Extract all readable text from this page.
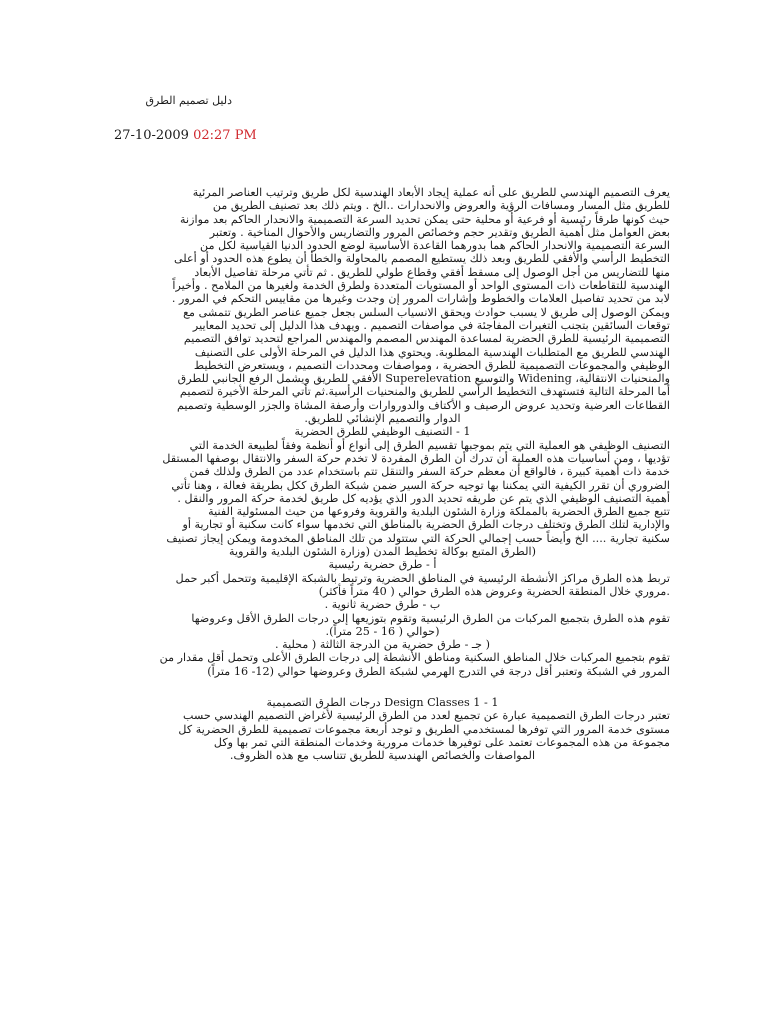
دليل تصميم الطرق
27-10-2009 02:27 PM

يعرف التصميم الهندسي للطريق على أنه عملية إيجاد الأبعاد الهندسية لكل طريق وترتيب العناصر المرئية

للطريق مثل المسار ومسافات الرؤية والعروض والانحدارات ..الخ . ويتم ذلك بعد تصنيف الطريق من

حيث كونها طرقاً رئيسية أو فرعية أو محلية حتى يمكن تحديد السرعة التصميمية والانحدار الحاكم بعد موازنة

بعض العوامل مثل أهمية الطريق وتقدير حجم وخصائص المرور والتضاريس والأحوال المناخية . وتعتبر

السرعة التصميمية والانحدار الحاكم هما بدورهما القاعدة الأساسية لوضع الحدود الدنيا القياسية لكل من

التخطيط الرأسي والأفقي للطريق وبعد ذلك يستطيع المصمم بالمحاولة والخطأ أن يطوع هذه الحدود أو أعلى

منها للتضاريس من أجل الوصول إلى مسقط أفقي وقطاع طولي للطريق . ثم تأتي مرحلة تفاصيل الأبعاد

الهندسية للتقاطعات ذات المستوى الواحد أو المستويات المتعددة ولطرق الخدمة ولغيرها من الملامح . وأخيراً

لابد من تحديد تفاصيل العلامات والخطوط وإشارات المرور إن وجدت وغيرها من مقاييس التحكم في المرور .

ويمكن الوصول إلى طريق لا يسبب حوادث ويحقق الانسياب السلس بجعل جميع عناصر الطريق تتمشى مع

توقعات السائقين بتجنب التغيرات المفاجئة في مواصفات التصميم . ويهدف هذا الدليل إلى تحديد المعايير

التصميمية الرئيسية للطرق الحضرية لمساعدة المهندس المصمم والمهندس المراجع لتحديد توافق التصميم

الهندسي للطريق مع المتطلبات الهندسية المطلوبة. ويحتوي هذا الدليل في المرحلة الأولى على التصنيف

الوظيفي والمجموعات التصميمية للطرق الحضرية ، ومواصفات ومحددات التصميم ، ويستعرض التخطيط

والمنحنيات الانتقالية، Widening والتوسيع Superelevation الأفقي للطريق ويشمل الرفع الجانبي للطرق

أما المرحلة التالية فتستهدف التخطيط الرأسي للطريق والمنحنيات الرأسية.ثم تأتي المرحلة الأخيرة لتصميم

القطاعات العرضية وتحديد عروض الرصيف و الأكتاف والدوروارات وأرصفة المشاة والجزر الوسطية وتصميم

الدوار والتصميم الإنشائي للطريق.

1 - التصنيف الوظيفي للطرق الحضرية

التصنيف الوظيفي هو العملية التي يتم بموجبها تقسيم الطرق إلى أنواع أو أنظمة وفقاً لطبيعة الخدمة التي

تؤديها ، ومن أساسيات هذه العملية أن تدرك أن الطرق المفردة لا تخدم حركة السفر والانتقال بوصفها المستقل

خدمة ذات أهمية كبيرة ، فالواقع أن معظم حركة السفر والتنقل تتم باستخدام عدد من الطرق ولذلك فمن

الضروري أن تقرر الكيفية التي يمكننا بها توجيه حركة السير ضمن شبكة الطرق ككل بطريقة فعالة ، وهنا تأتي

أهمية التصنيف الوظيفي الذي يتم عن طريقه تحديد الدور الذي يؤديه كل طريق لخدمة حركة المرور والنقل .

تتبع جميع الطرق الحضرية بالمملكة وزارة الشئون البلدية والقروية وفروعها من حيث المسئولية الفنية

والإدارية لتلك الطرق وتختلف درجات الطرق الحضرية بالمناطق التي تخدمها سواء كانت سكنية أو تجارية أو

سكنية تجارية .... الخ وأيضاً حسب إجمالي الحركة التي ستتولد من تلك المناطق المخدومة ويمكن إيجاز تصنيف

(الطرق المتبع بوكالة تخطيط المدن (وزارة الشئون البلدية والقروية

أ - طرق حضرية رئيسية

تربط هذه الطرق مراكز الأنشطة الرئيسية في المناطق الحضرية وترتبط بالشبكة الإقليمية وتتحمل أكبر حمل

.مروري خلال المنطقة الحضرية وعروض هذه الطرق حوالي ( 40 متراً فأكثر)

ب - طرق حضرية ثانوية .

تقوم هذه الطرق بتجميع المركبات من الطرق الرئيسية وتقوم بتوزيعها إلى درجات الطرق الأقل وعروضها

(حوالي ( 16 - 25 متراً).

( جـ - طرق حضرية من الدرجة الثالثة ( محلية .

تقوم بتجميع المركبات خلال المناطق السكنية ومناطق الأنشطة إلى درجات الطرق الأعلى وتحمل أقل مقدار من

المرور في الشبكة وتعتبر أقل درجة في التدرج الهرمي لشبكة الطرق وعروضها حوالي (12- 16 متراً)

1 - Design Classes 1 درجات الطرق التصميمية

تعتبر درجات الطرق التصميمية عبارة عن تجميع لعدد من الطرق الرئيسية لأغراض التصميم الهندسي حسب

مستوى خدمة المرور التي توفرها لمستخدمي الطريق و توجد أربعة مجموعات تصميمية للطرق الحضرية كل

مجموعة من هذه المجموعات تعتمد على توفيرها خدمات مرورية وخدمات المنطقة التي تمر بها وكل

المواصفات والخصائص الهندسية للطريق تتناسب مع هذه الظروف.
